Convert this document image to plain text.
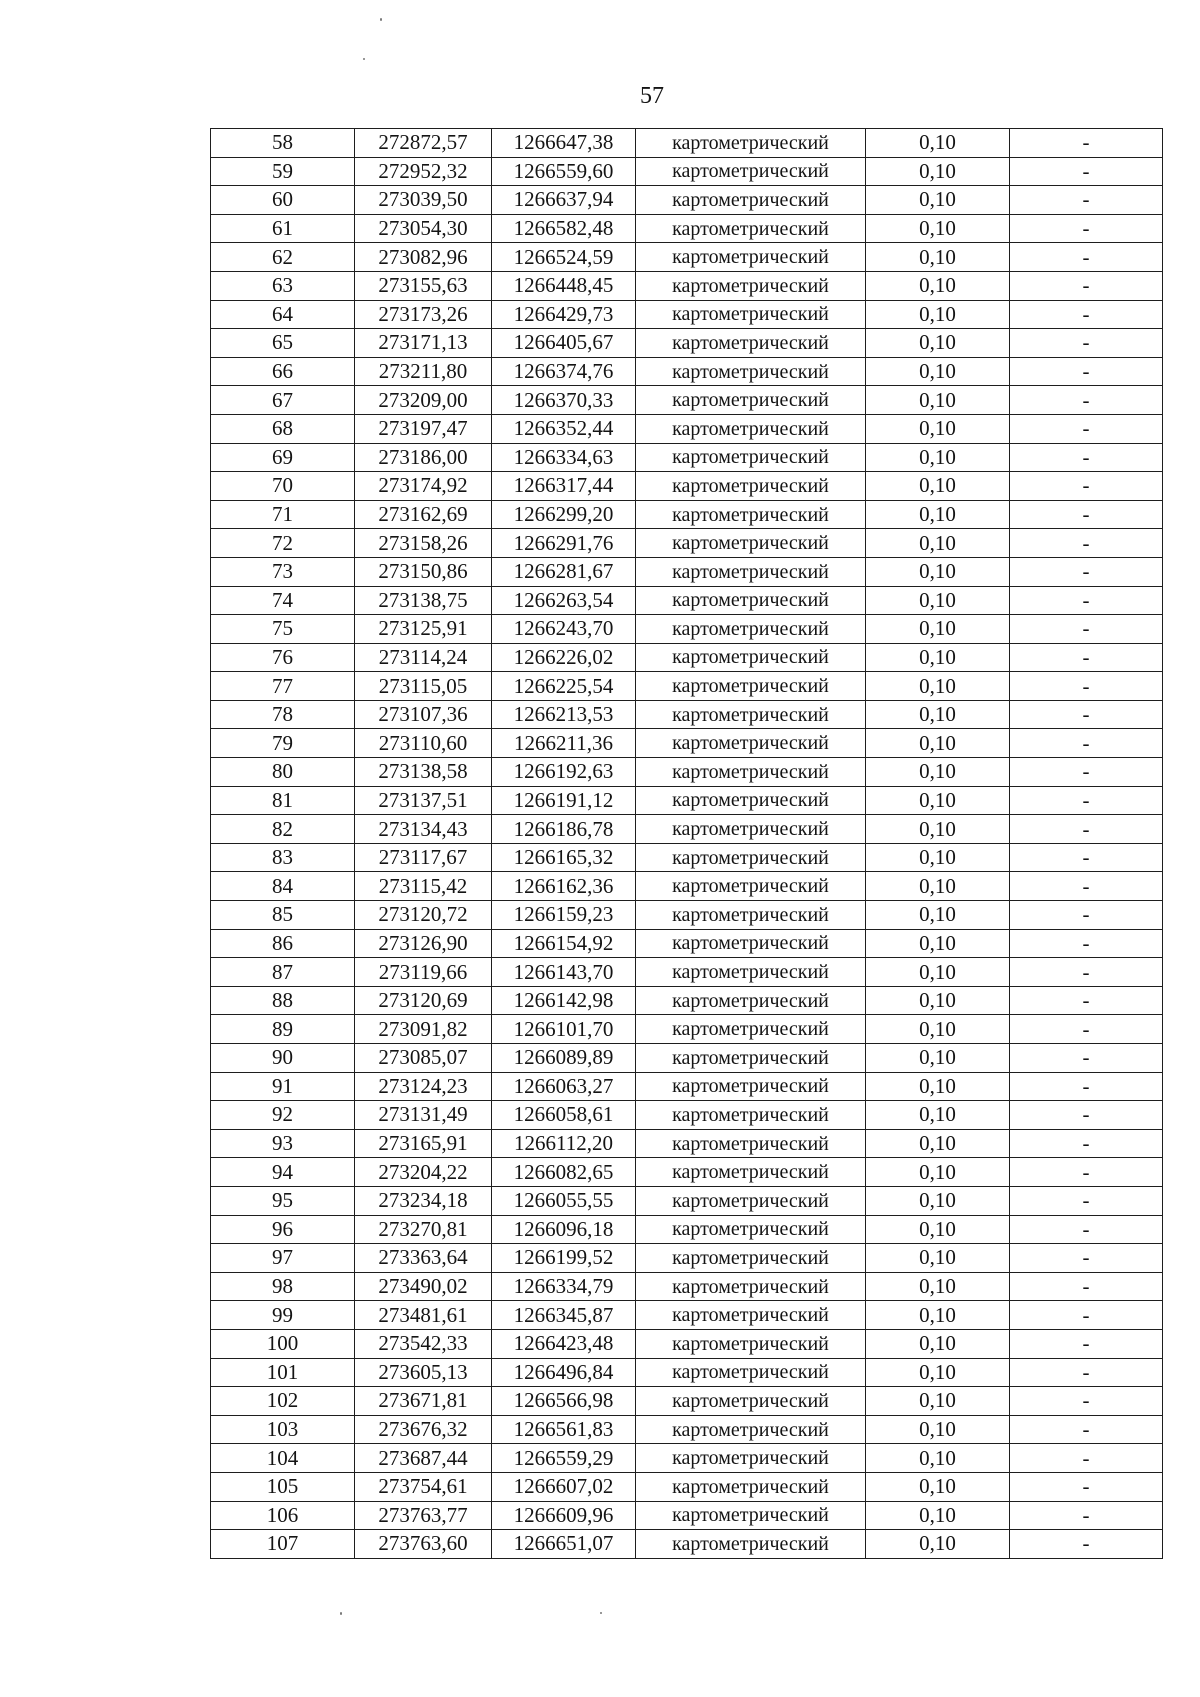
57
58	272872,57	1266647,38	картометрический	0,10	-
59	272952,32	1266559,60	картометрический	0,10	-
60	273039,50	1266637,94	картометрический	0,10	-
61	273054,30	1266582,48	картометрический	0,10	-
62	273082,96	1266524,59	картометрический	0,10	-
63	273155,63	1266448,45	картометрический	0,10	-
64	273173,26	1266429,73	картометрический	0,10	-
65	273171,13	1266405,67	картометрический	0,10	-
66	273211,80	1266374,76	картометрический	0,10	-
67	273209,00	1266370,33	картометрический	0,10	-
68	273197,47	1266352,44	картометрический	0,10	-
69	273186,00	1266334,63	картометрический	0,10	-
70	273174,92	1266317,44	картометрический	0,10	-
71	273162,69	1266299,20	картометрический	0,10	-
72	273158,26	1266291,76	картометрический	0,10	-
73	273150,86	1266281,67	картометрический	0,10	-
74	273138,75	1266263,54	картометрический	0,10	-
75	273125,91	1266243,70	картометрический	0,10	-
76	273114,24	1266226,02	картометрический	0,10	-
77	273115,05	1266225,54	картометрический	0,10	-
78	273107,36	1266213,53	картометрический	0,10	-
79	273110,60	1266211,36	картометрический	0,10	-
80	273138,58	1266192,63	картометрический	0,10	-
81	273137,51	1266191,12	картометрический	0,10	-
82	273134,43	1266186,78	картометрический	0,10	-
83	273117,67	1266165,32	картометрический	0,10	-
84	273115,42	1266162,36	картометрический	0,10	-
85	273120,72	1266159,23	картометрический	0,10	-
86	273126,90	1266154,92	картометрический	0,10	-
87	273119,66	1266143,70	картометрический	0,10	-
88	273120,69	1266142,98	картометрический	0,10	-
89	273091,82	1266101,70	картометрический	0,10	-
90	273085,07	1266089,89	картометрический	0,10	-
91	273124,23	1266063,27	картометрический	0,10	-
92	273131,49	1266058,61	картометрический	0,10	-
93	273165,91	1266112,20	картометрический	0,10	-
94	273204,22	1266082,65	картометрический	0,10	-
95	273234,18	1266055,55	картометрический	0,10	-
96	273270,81	1266096,18	картометрический	0,10	-
97	273363,64	1266199,52	картометрический	0,10	-
98	273490,02	1266334,79	картометрический	0,10	-
99	273481,61	1266345,87	картометрический	0,10	-
100	273542,33	1266423,48	картометрический	0,10	-
101	273605,13	1266496,84	картометрический	0,10	-
102	273671,81	1266566,98	картометрический	0,10	-
103	273676,32	1266561,83	картометрический	0,10	-
104	273687,44	1266559,29	картометрический	0,10	-
105	273754,61	1266607,02	картометрический	0,10	-
106	273763,77	1266609,96	картометрический	0,10	-
107	273763,60	1266651,07	картометрический	0,10	-
